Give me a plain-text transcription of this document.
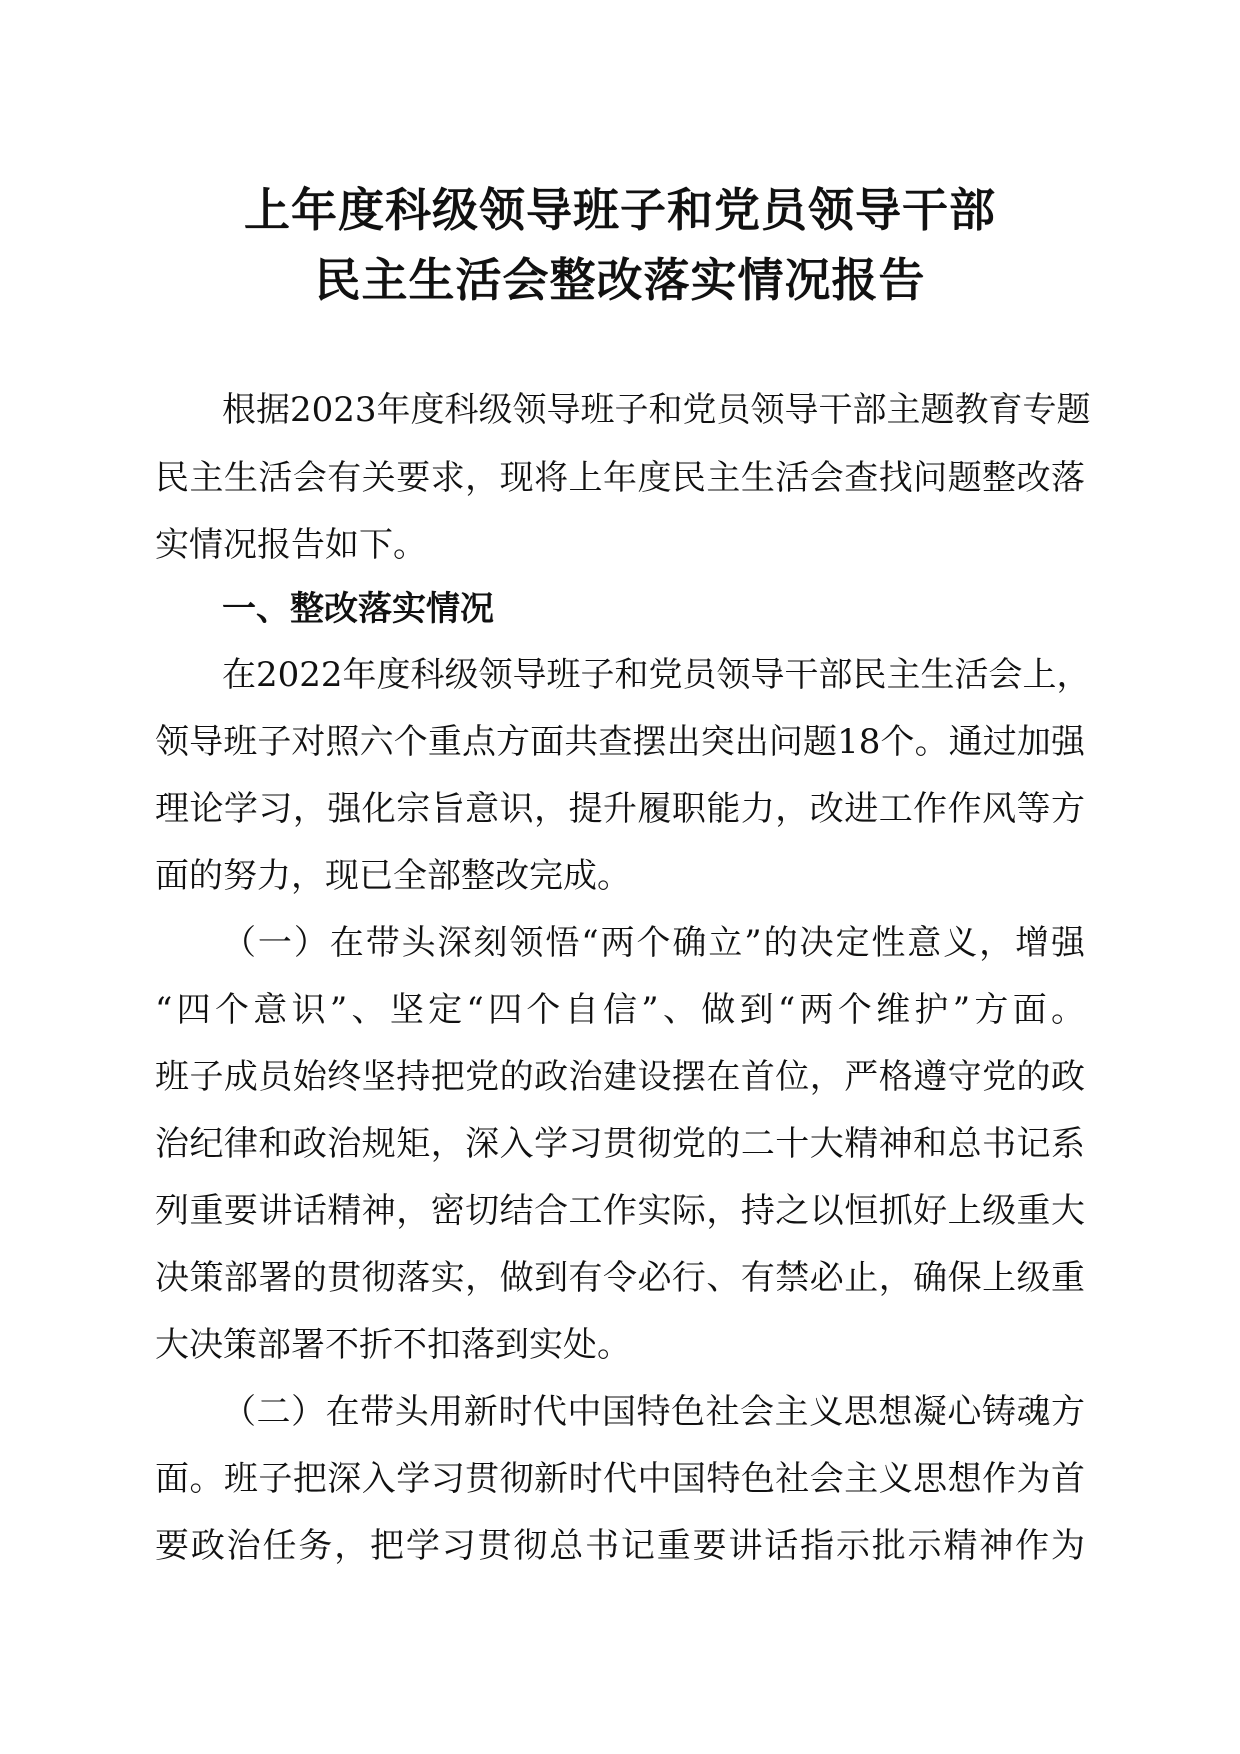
上年度科级领导班子和党员领导干部
民主生活会整改落实情况报告
根据2023年度科级领导班子和党员领导干部主题教育专题
民主生活会有关要求，现将上年度民主生活会查找问题整改落
实情况报告如下。
一、整改落实情况
在2022年度科级领导班子和党员领导干部民主生活会上，
领导班子对照六个重点方面共查摆出突出问题18个。通过加强
理论学习，强化宗旨意识，提升履职能力，改进工作作风等方
面的努力，现已全部整改完成。
（一）在带头深刻领悟“两个确立”的决定性意义，增强
“四个意识”、坚定“四个自信”、做到“两个维护”方面。
班子成员始终坚持把党的政治建设摆在首位，严格遵守党的政
治纪律和政治规矩，深入学习贯彻党的二十大精神和总书记系
列重要讲话精神，密切结合工作实际，持之以恒抓好上级重大
决策部署的贯彻落实，做到有令必行、有禁必止，确保上级重
大决策部署不折不扣落到实处。
（二）在带头用新时代中国特色社会主义思想凝心铸魂方
面。班子把深入学习贯彻新时代中国特色社会主义思想作为首
要政治任务，把学习贯彻总书记重要讲话指示批示精神作为
